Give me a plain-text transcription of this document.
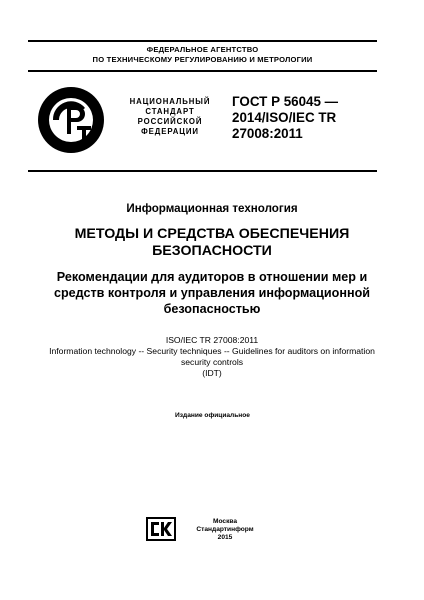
ФЕДЕРАЛЬНОЕ АГЕНТСТВО
ПО ТЕХНИЧЕСКОМУ РЕГУЛИРОВАНИЮ И МЕТРОЛОГИИ
НАЦИОНАЛЬНЫЙ
СТАНДАРТ
РОССИЙСКОЙ
ФЕДЕРАЦИИ
ГОСТ Р 56045 —
2014/ISO/IEC TR
27008:2011
Информационная технология
МЕТОДЫ И СРЕДСТВА ОБЕСПЕЧЕНИЯ
БЕЗОПАСНОСТИ
Рекомендации для аудиторов в отношении мер и
средств контроля и управления информационной
безопасностью
ISO/IEC TR 27008:2011
Information technology -- Security techniques -- Guidelines for auditors on information
security controls
(IDT)
Издание официальное
Москва
Стандартинформ
2015
